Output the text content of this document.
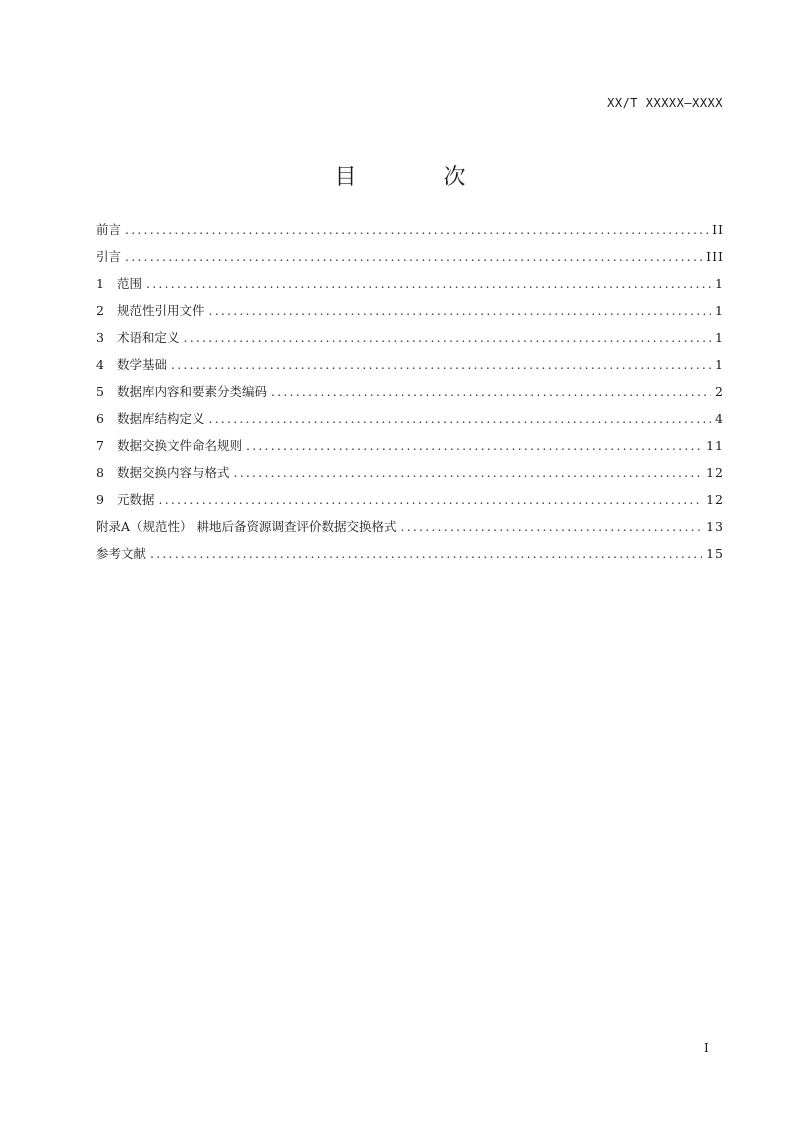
XX/T XXXXX—XXXX
目 次
前言 .....	II
引言 .....	III
1	范围 .....	1
2	规范性引用文件 .....	1
3	术语和定义 .....	1
4	数学基础 .....	1
5	数据库内容和要素分类编码 .....	2
6	数据库结构定义 .....	4
7	数据交换文件命名规则 .....	11
8	数据交换内容与格式 .....	12
9	元数据 .....	12
附录A（规范性） 耕地后备资源调查评价数据交换格式 .....	13
参考文献 .....	15
I
